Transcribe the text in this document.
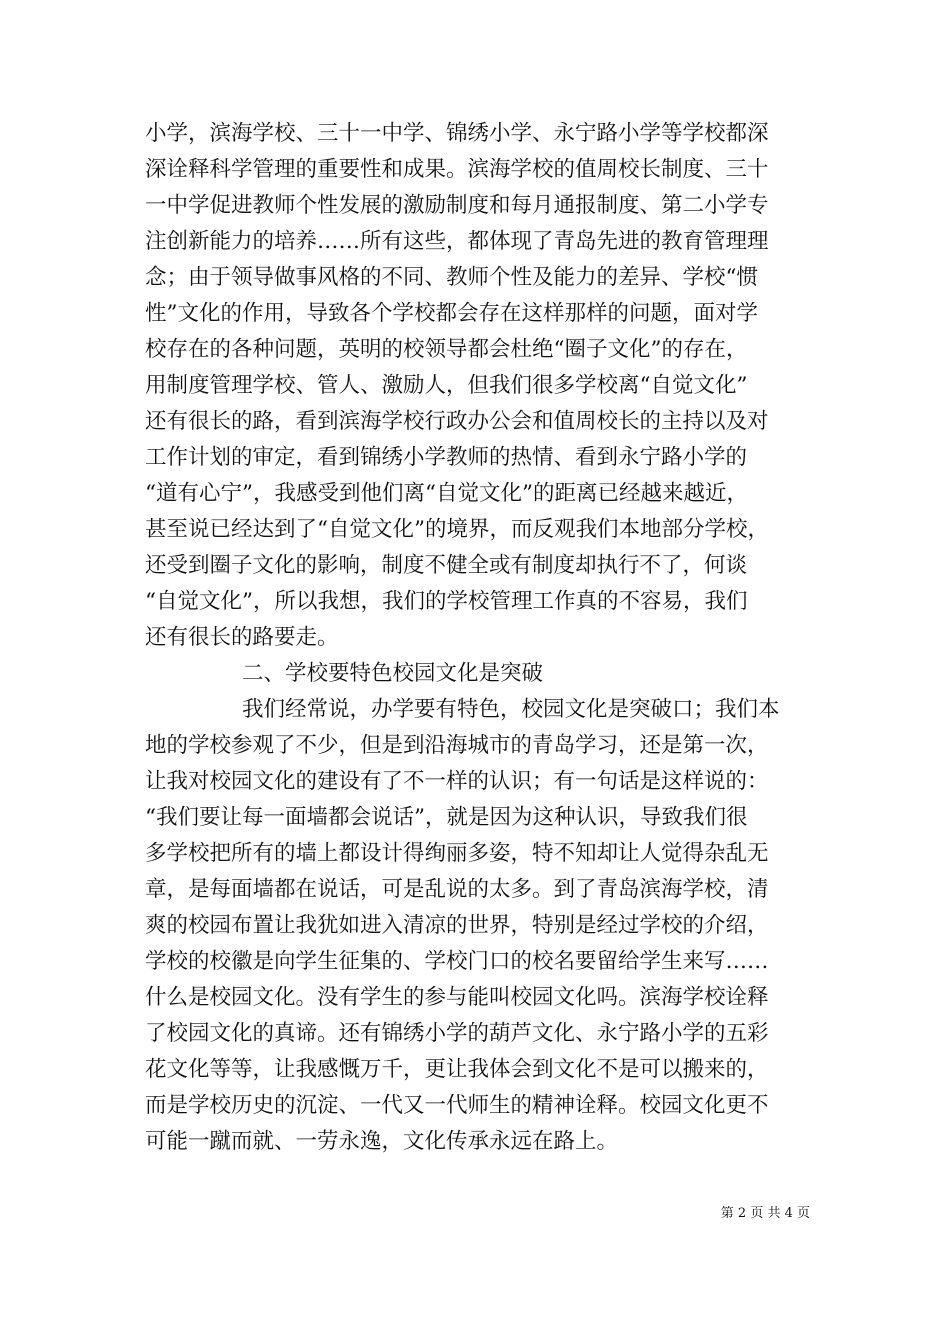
小学，滨海学校、三十一中学、锦绣小学、永宁路小学等学校都深
深诠释科学管理的重要性和成果。滨海学校的值周校长制度、三十
一中学促进教师个性发展的激励制度和每月通报制度、第二小学专
注创新能力的培养……所有这些，都体现了青岛先进的教育管理理
念；由于领导做事风格的不同、教师个性及能力的差异、学校“惯
性”文化的作用，导致各个学校都会存在这样那样的问题，面对学
校存在的各种问题，英明的校领导都会杜绝“圈子文化”的存在，
用制度管理学校、管人、激励人，但我们很多学校离“自觉文化”
还有很长的路，看到滨海学校行政办公会和值周校长的主持以及对
工作计划的审定，看到锦绣小学教师的热情、看到永宁路小学的
“道有心宁”，我感受到他们离“自觉文化”的距离已经越来越近，
甚至说已经达到了“自觉文化”的境界，而反观我们本地部分学校，
还受到圈子文化的影响，制度不健全或有制度却执行不了，何谈
“自觉文化”，所以我想，我们的学校管理工作真的不容易，我们
还有很长的路要走。
二、学校要特色校园文化是突破
我们经常说，办学要有特色，校园文化是突破口；我们本
地的学校参观了不少，但是到沿海城市的青岛学习，还是第一次，
让我对校园文化的建设有了不一样的认识；有一句话是这样说的：
“我们要让每一面墙都会说话”，就是因为这种认识，导致我们很
多学校把所有的墙上都设计得绚丽多姿，特不知却让人觉得杂乱无
章，是每面墙都在说话，可是乱说的太多。到了青岛滨海学校，清
爽的校园布置让我犹如进入清凉的世界，特别是经过学校的介绍，
学校的校徽是向学生征集的、学校门口的校名要留给学生来写……
什么是校园文化。没有学生的参与能叫校园文化吗。滨海学校诠释
了校园文化的真谛。还有锦绣小学的葫芦文化、永宁路小学的五彩
花文化等等，让我感慨万千，更让我体会到文化不是可以搬来的，
而是学校历史的沉淀、一代又一代师生的精神诠释。校园文化更不
可能一蹴而就、一劳永逸，文化传承永远在路上。
第 2 页 共 4 页
